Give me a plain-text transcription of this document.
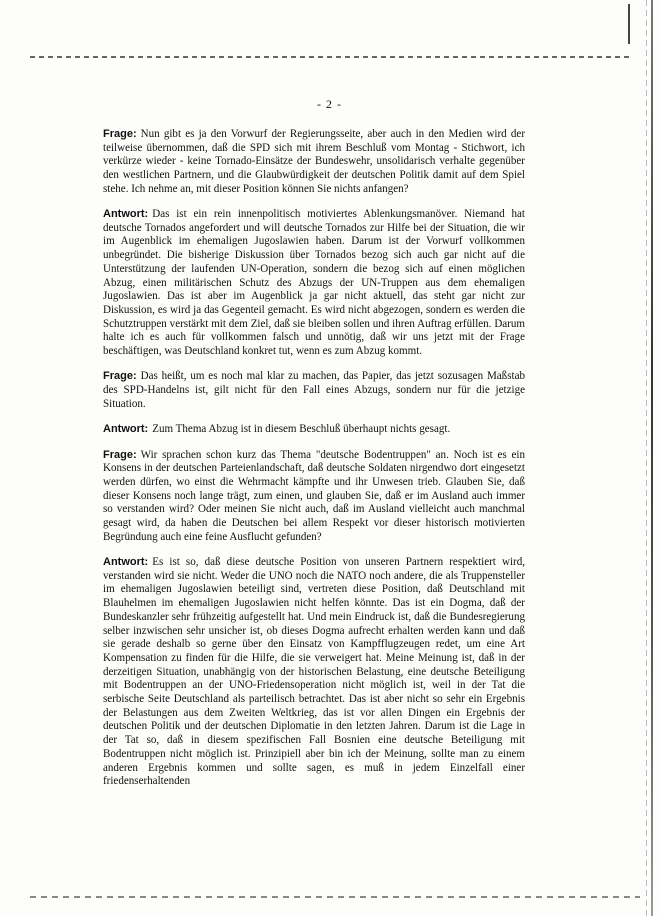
- 2 -

Frage: Nun gibt es ja den Vorwurf der Regierungsseite, aber auch in den Medien wird der teilweise übernommen, daß die SPD sich mit ihrem Beschluß vom Montag - Stichwort, ich verkürze wieder - keine Tornado-Einsätze der Bundeswehr, unsolidarisch verhalte gegenüber den westlichen Partnern, und die Glaubwürdigkeit der deutschen Politik damit auf dem Spiel stehe. Ich nehme an, mit dieser Position können Sie nichts anfangen?

Antwort: Das ist ein rein innenpolitisch motiviertes Ablenkungsmanöver. Niemand hat deutsche Tornados angefordert und will deutsche Tornados zur Hilfe bei der Situation, die wir im Augenblick im ehemaligen Jugoslawien haben. Darum ist der Vorwurf vollkommen unbegründet. Die bisherige Diskussion über Tornados bezog sich auch gar nicht auf die Unterstützung der laufenden UN-Operation, sondern die bezog sich auf einen möglichen Abzug, einen militärischen Schutz des Abzugs der UN-Truppen aus dem ehemaligen Jugoslawien. Das ist aber im Augenblick ja gar nicht aktuell, das steht gar nicht zur Diskussion, es wird ja das Gegenteil gemacht. Es wird nicht abgezogen, sondern es werden die Schutztruppen verstärkt mit dem Ziel, daß sie bleiben sollen und ihren Auftrag erfüllen. Darum halte ich es auch für vollkommen falsch und unnötig, daß wir uns jetzt mit der Frage beschäftigen, was Deutschland konkret tut, wenn es zum Abzug kommt.

Frage: Das heißt, um es noch mal klar zu machen, das Papier, das jetzt sozusagen Maßstab des SPD-Handelns ist, gilt nicht für den Fall eines Abzugs, sondern nur für die jetzige Situation.

Antwort: Zum Thema Abzug ist in diesem Beschluß überhaupt nichts gesagt.

Frage: Wir sprachen schon kurz das Thema "deutsche Bodentruppen" an. Noch ist es ein Konsens in der deutschen Parteienlandschaft, daß deutsche Soldaten nirgendwo dort eingesetzt werden dürfen, wo einst die Wehrmacht kämpfte und ihr Unwesen trieb. Glauben Sie, daß dieser Konsens noch lange trägt, zum einen, und glauben Sie, daß er im Ausland auch immer so verstanden wird? Oder meinen Sie nicht auch, daß im Ausland vielleicht auch manchmal gesagt wird, da haben die Deutschen bei allem Respekt vor dieser historisch motivierten Begründung auch eine feine Ausflucht gefunden?

Antwort: Es ist so, daß diese deutsche Position von unseren Partnern respektiert wird, verstanden wird sie nicht. Weder die UNO noch die NATO noch andere, die als Truppensteller im ehemaligen Jugoslawien beteiligt sind, vertreten diese Position, daß Deutschland mit Blauhelmen im ehemaligen Jugoslawien nicht helfen könnte. Das ist ein Dogma, daß der Bundeskanzler sehr frühzeitig aufgestellt hat. Und mein Eindruck ist, daß die Bundesregierung selber inzwischen sehr unsicher ist, ob dieses Dogma aufrecht erhalten werden kann und daß sie gerade deshalb so gerne über den Einsatz von Kampfflugzeugen redet, um eine Art Kompensation zu finden für die Hilfe, die sie verweigert hat. Meine Meinung ist, daß in der derzeitigen Situation, unabhängig von der historischen Belastung, eine deutsche Beteiligung mit Bodentruppen an der UNO-Friedensoperation nicht möglich ist, weil in der Tat die serbische Seite Deutschland als parteilisch betrachtet. Das ist aber nicht so sehr ein Ergebnis der Belastungen aus dem Zweiten Weltkrieg, das ist vor allen Dingen ein Ergebnis der deutschen Politik und der deutschen Diplomatie in den letzten Jahren. Darum ist die Lage in der Tat so, daß in diesem spezifischen Fall Bosnien eine deutsche Beteiligung mit Bodentruppen nicht möglich ist. Prinzipiell aber bin ich der Meinung, sollte man zu einem anderen Ergebnis kommen und sollte sagen, es muß in jedem Einzelfall einer friedenserhaltenden
